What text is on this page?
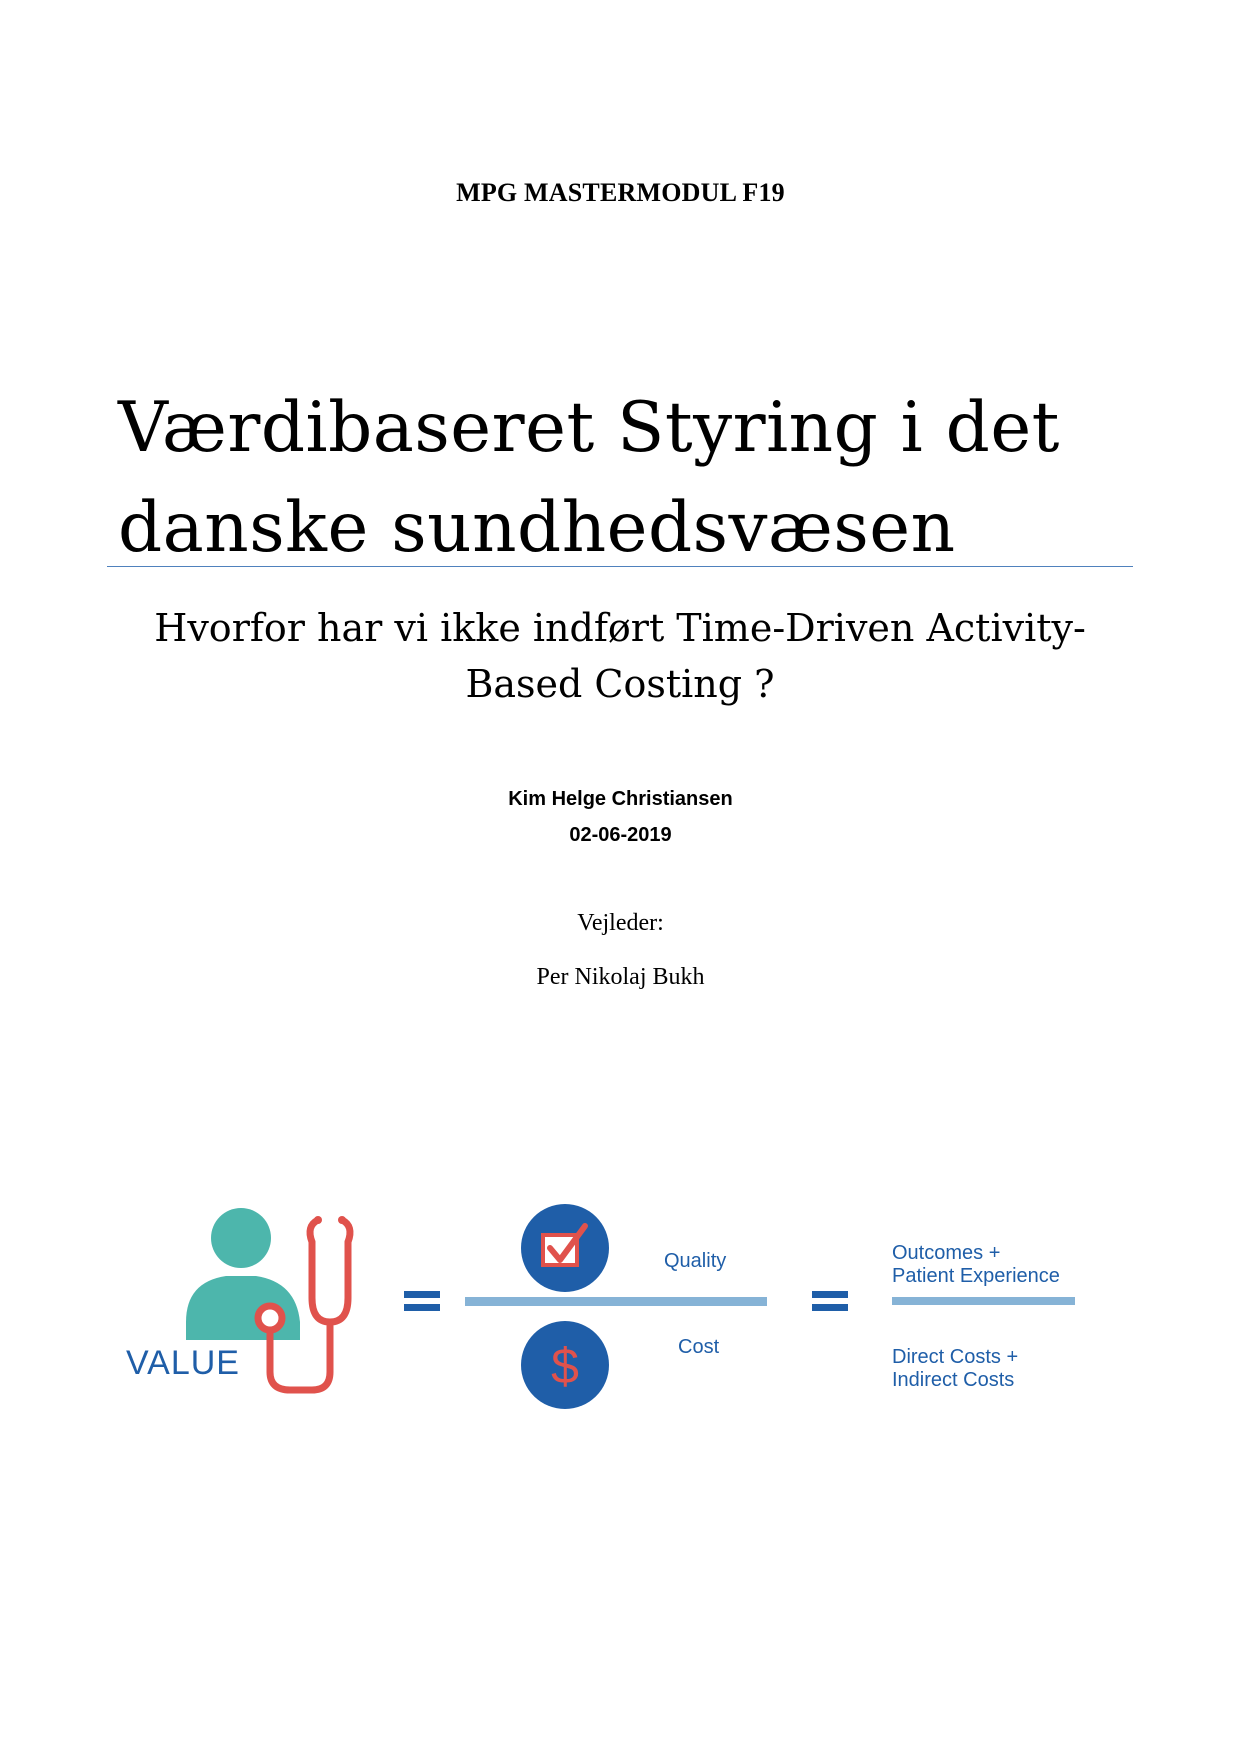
MPG MASTERMODUL F19
Værdibaseret Styring i det
danske sundhedsvæsen
Hvorfor har vi ikke indført Time-Driven Activity-
Based Costing ?
Kim Helge Christiansen
02-06-2019
Vejleder:
Per Nikolaj Bukh
$
VALUE
Quality
Cost
Outcomes +
Patient Experience
Direct Costs +
Indirect Costs
